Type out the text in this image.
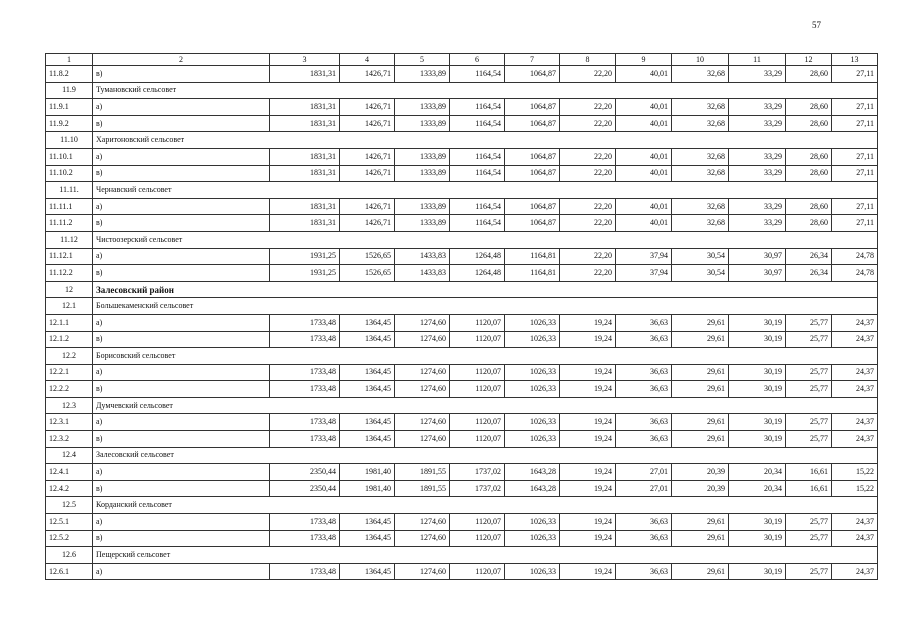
57
1	2	3	4	5	6	7	8	9	10	11	12	13
11.8.2	в)	1831,31	1426,71	1333,89	1164,54	1064,87	22,20	40,01	32,68	33,29	28,60	27,11
11.9	Тумановский сельсовет											
11.9.1	а)	1831,31	1426,71	1333,89	1164,54	1064,87	22,20	40,01	32,68	33,29	28,60	27,11
11.9.2	в)	1831,31	1426,71	1333,89	1164,54	1064,87	22,20	40,01	32,68	33,29	28,60	27,11
11.10	Харитоновский сельсовет											
11.10.1	а)	1831,31	1426,71	1333,89	1164,54	1064,87	22,20	40,01	32,68	33,29	28,60	27,11
11.10.2	в)	1831,31	1426,71	1333,89	1164,54	1064,87	22,20	40,01	32,68	33,29	28,60	27,11
11.11.	Чернавский сельсовет											
11.11.1	а)	1831,31	1426,71	1333,89	1164,54	1064,87	22,20	40,01	32,68	33,29	28,60	27,11
11.11.2	в)	1831,31	1426,71	1333,89	1164,54	1064,87	22,20	40,01	32,68	33,29	28,60	27,11
11.12	Чистоозерский сельсовет											
11.12.1	а)	1931,25	1526,65	1433,83	1264,48	1164,81	22,20	37,94	30,54	30,97	26,34	24,78
11.12.2	в)	1931,25	1526,65	1433,83	1264,48	1164,81	22,20	37,94	30,54	30,97	26,34	24,78
12	Залесовский район											
12.1	Большекаменский сельсовет											
12.1.1	а)	1733,48	1364,45	1274,60	1120,07	1026,33	19,24	36,63	29,61	30,19	25,77	24,37
12.1.2	в)	1733,48	1364,45	1274,60	1120,07	1026,33	19,24	36,63	29,61	30,19	25,77	24,37
12.2	Борисовский сельсовет											
12.2.1	а)	1733,48	1364,45	1274,60	1120,07	1026,33	19,24	36,63	29,61	30,19	25,77	24,37
12.2.2	в)	1733,48	1364,45	1274,60	1120,07	1026,33	19,24	36,63	29,61	30,19	25,77	24,37
12.3	Думчевский сельсовет											
12.3.1	а)	1733,48	1364,45	1274,60	1120,07	1026,33	19,24	36,63	29,61	30,19	25,77	24,37
12.3.2	в)	1733,48	1364,45	1274,60	1120,07	1026,33	19,24	36,63	29,61	30,19	25,77	24,37
12.4	Залесовский сельсовет											
12.4.1	а)	2350,44	1981,40	1891,55	1737,02	1643,28	19,24	27,01	20,39	20,34	16,61	15,22
12.4.2	в)	2350,44	1981,40	1891,55	1737,02	1643,28	19,24	27,01	20,39	20,34	16,61	15,22
12.5	Корданский сельсовет											
12.5.1	а)	1733,48	1364,45	1274,60	1120,07	1026,33	19,24	36,63	29,61	30,19	25,77	24,37
12.5.2	в)	1733,48	1364,45	1274,60	1120,07	1026,33	19,24	36,63	29,61	30,19	25,77	24,37
12.6	Пещерский сельсовет											
12.6.1	а)	1733,48	1364,45	1274,60	1120,07	1026,33	19,24	36,63	29,61	30,19	25,77	24,37
